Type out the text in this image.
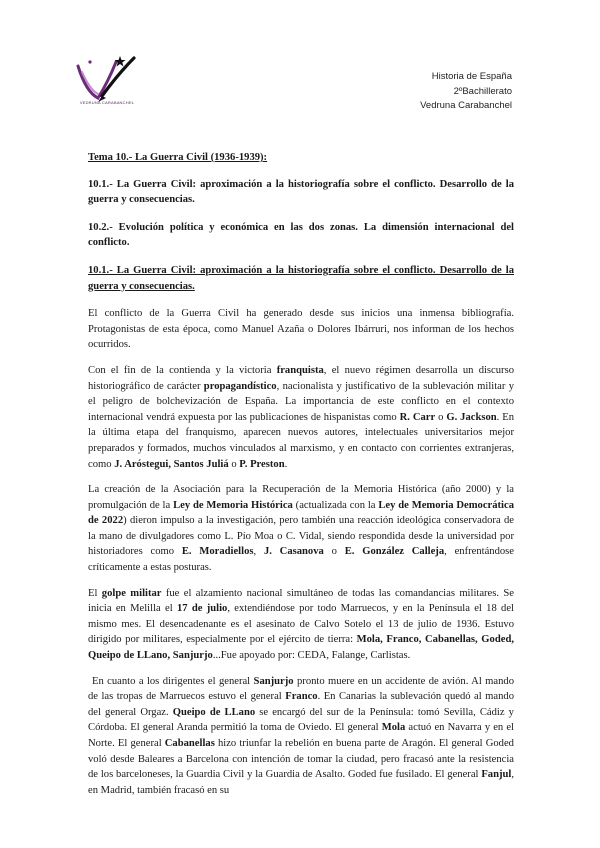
VEDRUNA CARABANCHEL
Historia de España
2ºBachillerato
Vedruna Carabanchel

Tema 10.- La Guerra Civil (1936-1939):

10.1.- La Guerra Civil: aproximación a la historiografía sobre el conflicto. Desarrollo de la guerra y consecuencias.

10.2.- Evolución política y económica en las dos zonas. La dimensión internacional del conflicto.

10.1.- La Guerra Civil: aproximación a la historiografía sobre el conflicto. Desarrollo de la guerra y consecuencias.

El conflicto de la Guerra Civil ha generado desde sus inicios una inmensa bibliografía. Protagonistas de esta época, como Manuel Azaña o Dolores Ibárruri, nos informan de los hechos ocurridos.

Con el fin de la contienda y la victoria franquista, el nuevo régimen desarrolla un discurso historiográfico de carácter propagandístico, nacionalista y justificativo de la sublevación militar y el peligro de bolchevización de España. La importancia de este conflicto en el contexto internacional vendrá expuesta por las publicaciones de hispanistas como R. Carr o G. Jackson. En la última etapa del franquismo, aparecen nuevos autores, intelectuales universitarios mejor preparados y formados, muchos vinculados al marxismo, y en contacto con corrientes extranjeras, como J. Aróstegui, Santos Juliá o P. Preston.

La creación de la Asociación para la Recuperación de la Memoria Histórica (año 2000) y la promulgación de la Ley de Memoria Histórica (actualizada con la Ley de Memoria Democrática de 2022) dieron impulso a la investigación, pero también una reacción ideológica conservadora de la mano de divulgadores como L. Pío Moa o C. Vidal, siendo respondida desde la universidad por historiadores como E. Moradiellos, J. Casanova o E. González Calleja, enfrentándose críticamente a estas posturas.

El golpe militar fue el alzamiento nacional simultáneo de todas las comandancias militares. Se inicia en Melilla el 17 de julio, extendiéndose por todo Marruecos, y en la Península el 18 del mismo mes. El desencadenante es el asesinato de Calvo Sotelo el 13 de julio de 1936. Estuvo dirigido por militares, especialmente por el ejército de tierra: Mola, Franco, Cabanellas, Goded, Queipo de LLano, Sanjurjo...Fue apoyado por: CEDA, Falange, Carlistas.

En cuanto a los dirigentes el general Sanjurjo pronto muere en un accidente de avión. Al mando de las tropas de Marruecos estuvo el general Franco. En Canarias la sublevación quedó al mando del general Orgaz. Queipo de LLano se encargó del sur de la Península: tomó Sevilla, Cádiz y Córdoba. El general Aranda permitió la toma de Oviedo. El general Mola actuó en Navarra y en el Norte. El general Cabanellas hizo triunfar la rebelión en buena parte de Aragón. El general Goded voló desde Baleares a Barcelona con intención de tomar la ciudad, pero fracasó ante la resistencia de los barceloneses, la Guardia Civil y la Guardia de Asalto. Goded fue fusilado. El general Fanjul, en Madrid, también fracasó en su
